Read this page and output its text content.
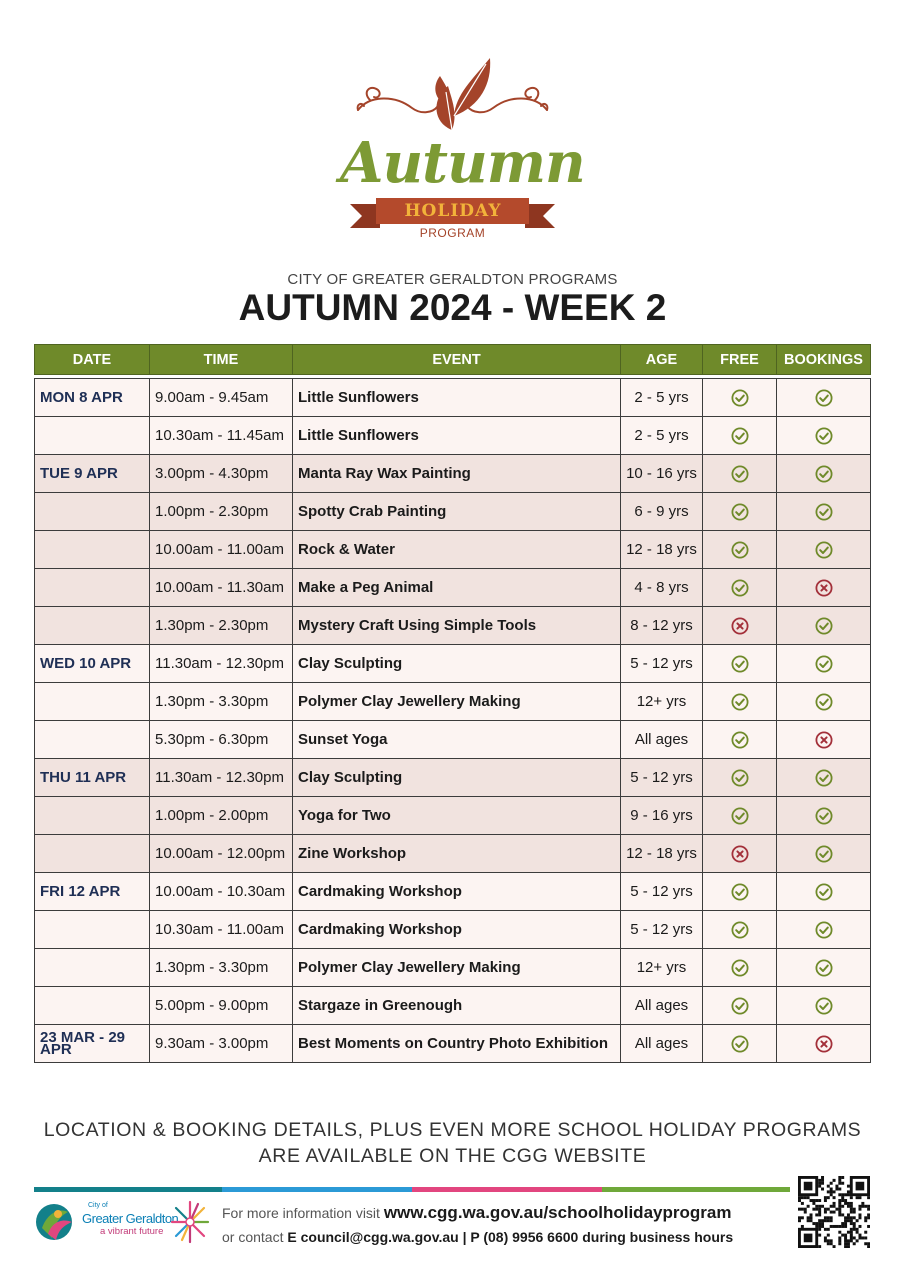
Autumn
HOLIDAY
PROGRAM
CITY OF GREATER GERALDTON PROGRAMS
AUTUMN 2024 - WEEK 2
DATE	TIME	EVENT	AGE	FREE	BOOKINGS

MON 8 APR	9.00am - 9.45am	Little Sunflowers	2 - 5 yrs		
	10.30am - 11.45am	Little Sunflowers	2 - 5 yrs		
TUE 9 APR	3.00pm - 4.30pm	Manta Ray Wax Painting	10 - 16 yrs		
	1.00pm - 2.30pm	Spotty Crab Painting	6 - 9 yrs		
	10.00am - 11.00am	Rock & Water	12 - 18 yrs		
	10.00am - 11.30am	Make a Peg Animal	4 - 8 yrs		
	1.30pm - 2.30pm	Mystery Craft Using Simple Tools	8 - 12 yrs		
WED 10 APR	11.30am - 12.30pm	Clay Sculpting	5 - 12 yrs		
	1.30pm - 3.30pm	Polymer Clay Jewellery Making	12+ yrs		
	5.30pm - 6.30pm	Sunset Yoga	All ages		
THU 11 APR	11.30am - 12.30pm	Clay Sculpting	5 - 12 yrs		
	1.00pm - 2.00pm	Yoga for Two	9 - 16 yrs		
	10.00am - 12.00pm	Zine Workshop	12 - 18 yrs		
FRI 12 APR	10.00am - 10.30am	Cardmaking Workshop	5 - 12 yrs		
	10.30am - 11.00am	Cardmaking Workshop	5 - 12 yrs		
	1.30pm - 3.30pm	Polymer Clay Jewellery Making	12+ yrs		
	5.00pm - 9.00pm	Stargaze in Greenough	All ages		
23 MAR - 29 APR	9.30am - 3.00pm	Best Moments on Country Photo Exhibition	All ages		
LOCATION & BOOKING DETAILS, PLUS EVEN MORE SCHOOL HOLIDAY PROGRAMS
ARE AVAILABLE ON THE CGG WEBSITE
City of
Greater Geraldton
a vibrant future
For more information visit www.cgg.wa.gov.au/schoolholidayprogram
or contact E council@cgg.wa.gov.au | P (08) 9956 6600 during business hours
